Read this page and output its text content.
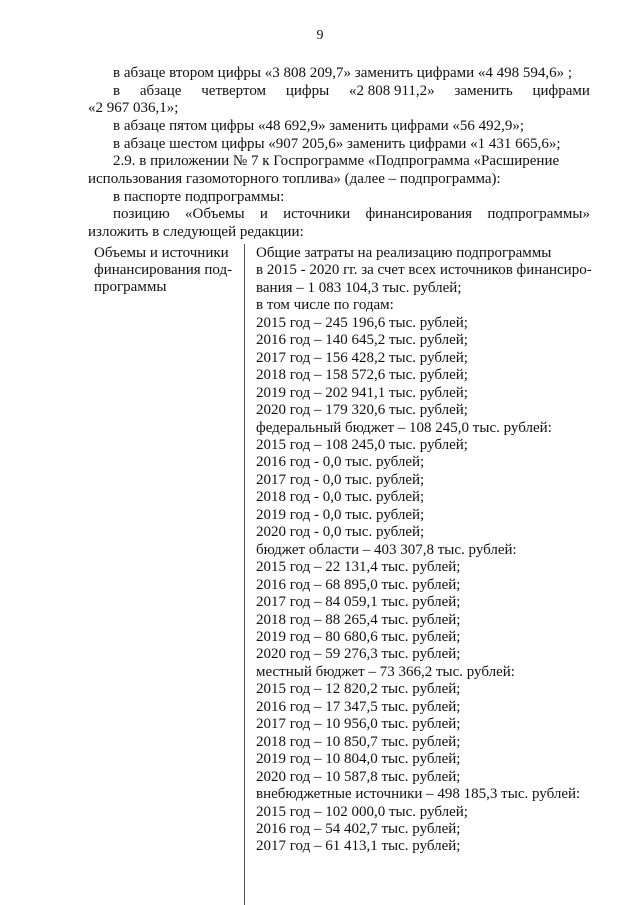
9
в абзаце втором цифры «3 808 209,7» заменить цифрами «4 498 594,6» ;
в абзаце четвертом цифры «2 808 911,2» заменить цифрами
«2 967 036,1»;
в абзаце пятом цифры «48 692,9» заменить цифрами «56 492,9»;
в абзаце шестом цифры «907 205,6» заменить цифрами «1 431 665,6»;
2.9. в приложении № 7 к Госпрограмме «Подпрограмма «Расширение
использования газомоторного топлива» (далее – подпрограмма):
в паспорте подпрограммы:
позицию «Объемы и источники финансирования подпрограммы»
изложить в следующей редакции:
Объемы и источники
финансирования под-
программы
Общие затраты на реализацию подпрограммы
в 2015 - 2020 гг. за счет всех источников финансиро-
вания – 1 083 104,3 тыс. рублей;
в том числе по годам:
2015 год – 245 196,6 тыс. рублей;
2016 год – 140 645,2 тыс. рублей;
2017 год – 156 428,2 тыс. рублей;
2018 год – 158 572,6 тыс. рублей;
2019 год – 202 941,1 тыс. рублей;
2020 год – 179 320,6 тыс. рублей;
федеральный бюджет – 108 245,0 тыс. рублей:
2015 год – 108 245,0 тыс. рублей;
2016 год - 0,0 тыс. рублей;
2017 год - 0,0 тыс. рублей;
2018 год - 0,0 тыс. рублей;
2019 год - 0,0 тыс. рублей;
2020 год - 0,0 тыс. рублей;
бюджет области – 403 307,8 тыс. рублей:
2015 год – 22 131,4 тыс. рублей;
2016 год – 68 895,0 тыс. рублей;
2017 год – 84 059,1 тыс. рублей;
2018 год – 88 265,4 тыс. рублей;
2019 год – 80 680,6 тыс. рублей;
2020 год – 59 276,3 тыс. рублей;
местный бюджет – 73 366,2 тыс. рублей:
2015 год – 12 820,2 тыс. рублей;
2016 год – 17 347,5 тыс. рублей;
2017 год – 10 956,0 тыс. рублей;
2018 год – 10 850,7 тыс. рублей;
2019 год – 10 804,0 тыс. рублей;
2020 год – 10 587,8 тыс. рублей;
внебюджетные источники – 498 185,3 тыс. рублей:
2015 год – 102 000,0 тыс. рублей;
2016 год – 54 402,7 тыс. рублей;
2017 год – 61 413,1 тыс. рублей;
